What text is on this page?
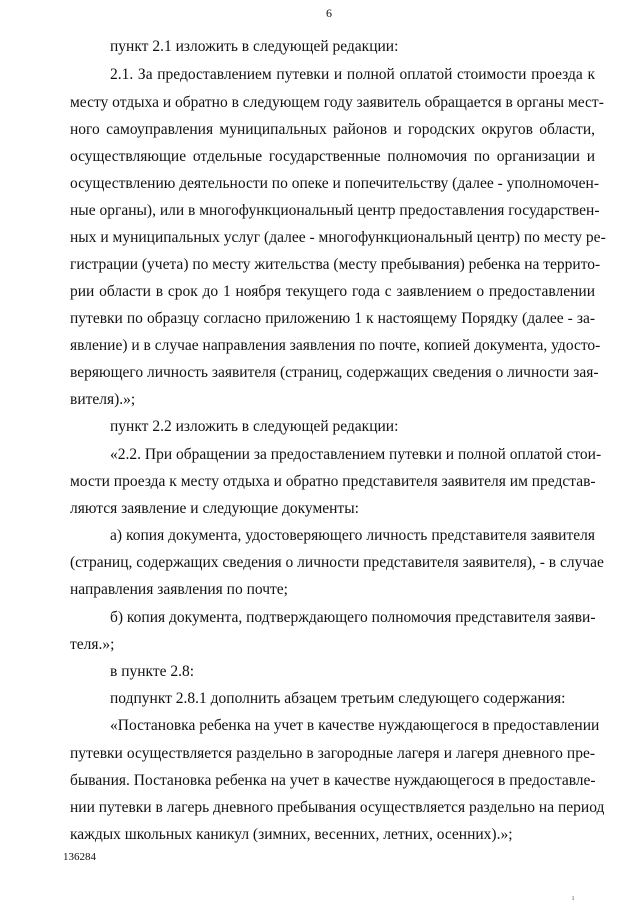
6

пункт 2.1 изложить в следующей редакции:

2.1. За предоставлением путевки и полной оплатой стоимости проезда к

месту отдыха и обратно в следующем году заявитель обращается в органы мест-

ного самоуправления муниципальных районов и городских округов области,

осуществляющие отдельные государственные полномочия по организации и

осуществлению деятельности по опеке и попечительству (далее - уполномочен-

ные органы), или в многофункциональный центр предоставления государствен-

ных и муниципальных услуг (далее - многофункциональный центр) по месту ре-

гистрации (учета) по месту жительства (месту пребывания) ребенка на террито-

рии области в срок до 1 ноября текущего года с заявлением о предоставлении

путевки по образцу согласно приложению 1 к настоящему Порядку (далее - за-

явление) и в случае направления заявления по почте, копией документа, удосто-

веряющего личность заявителя (страниц, содержащих сведения о личности зая-

вителя).»;

пункт 2.2 изложить в следующей редакции:

«2.2. При обращении за предоставлением путевки и полной оплатой стои-

мости проезда к месту отдыха и обратно представителя заявителя им представ-

ляются заявление и следующие документы:

а) копия документа, удостоверяющего личность представителя заявителя

(страниц, содержащих сведения о личности представителя заявителя), - в случае

направления заявления по почте;

б) копия документа, подтверждающего полномочия представителя заяви-

теля.»;

в пункте 2.8:

подпункт 2.8.1 дополнить абзацем третьим следующего содержания:

«Постановка ребенка на учет в качестве нуждающегося в предоставлении

путевки осуществляется раздельно в загородные лагеря и лагеря дневного пре-

бывания. Постановка ребенка на учет в качестве нуждающегося в предоставле-

нии путевки в лагерь дневного пребывания осуществляется раздельно на период

каждых школьных каникул (зимних, весенних, летних, осенних).»;

136284
ı
